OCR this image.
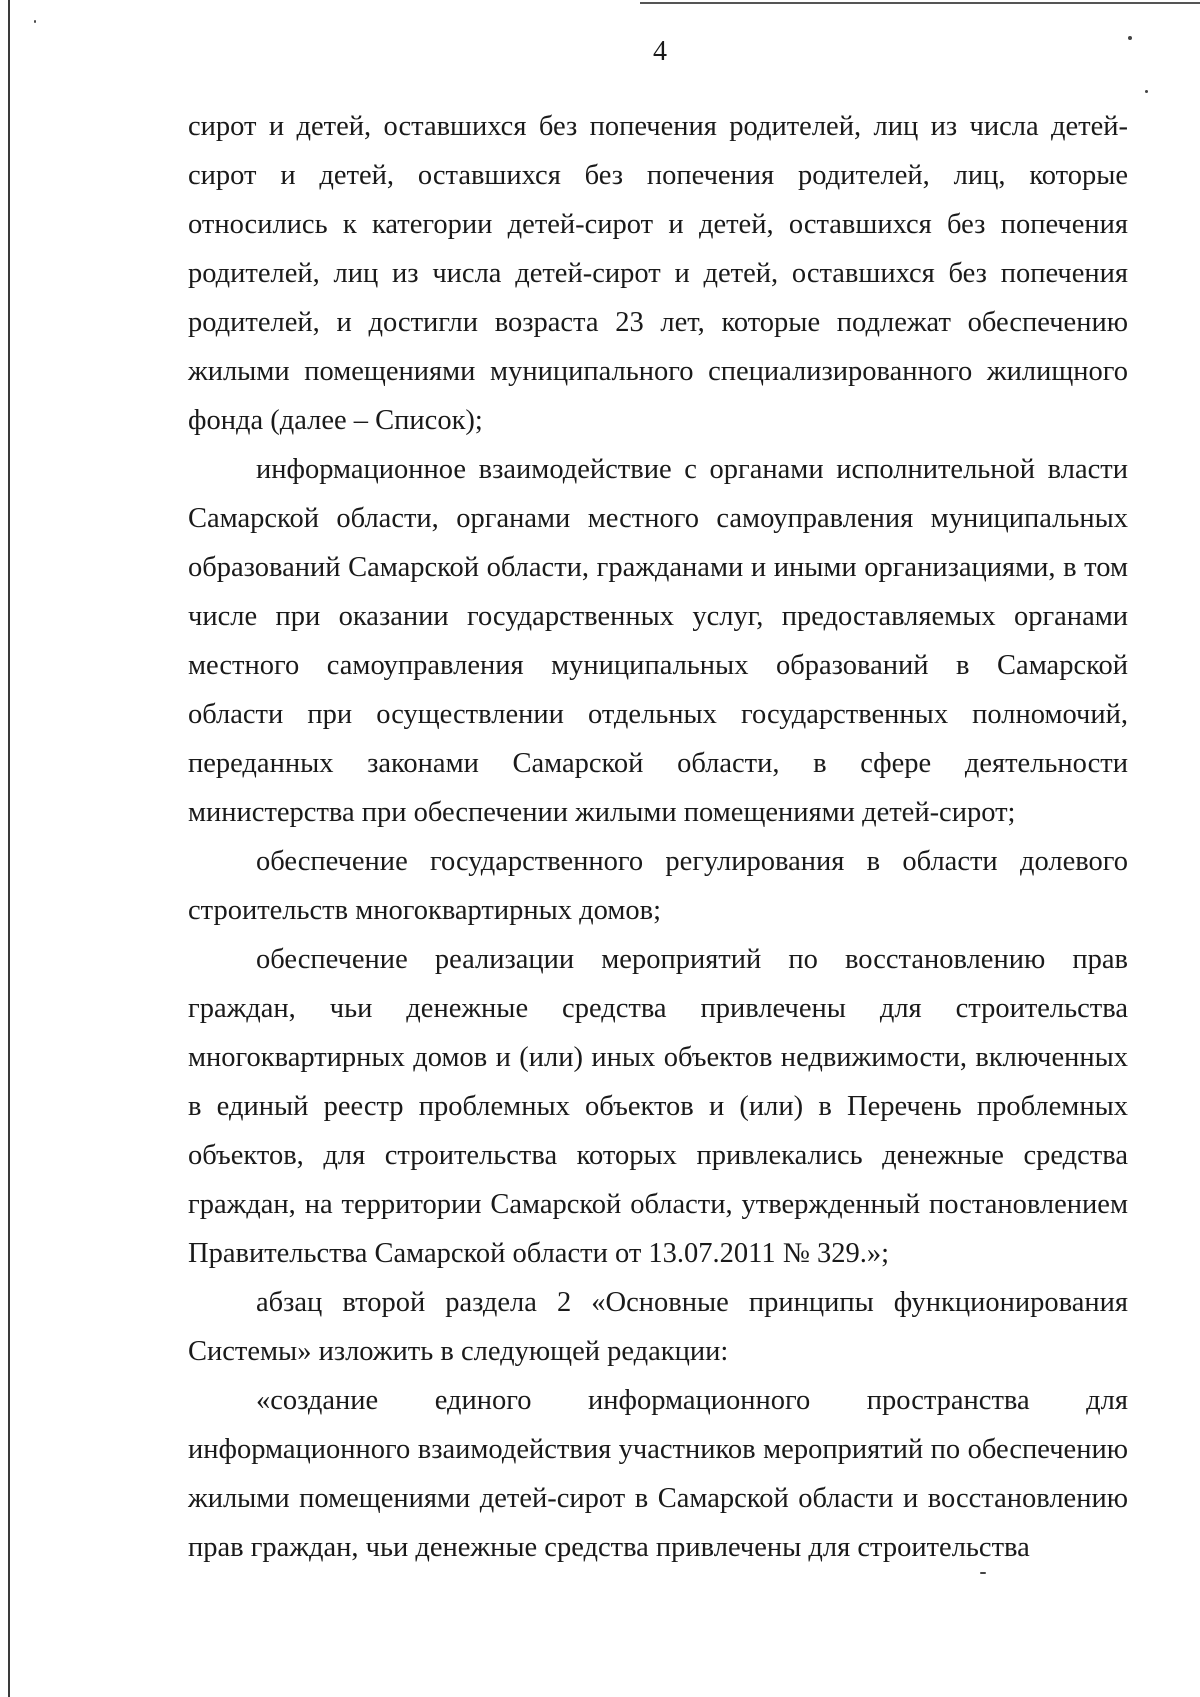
4

сирот и детей, оставшихся без попечения родителей, лиц из числа детей-сирот и детей, оставшихся без попечения родителей, лиц, которые относились к категории детей-сирот и детей, оставшихся без попечения родителей, лиц из числа детей-сирот и детей, оставшихся без попечения родителей, и достигли возраста 23 лет, которые подлежат обеспечению жилыми помещениями муниципального специализированного жилищного фонда (далее – Список);

информационное взаимодействие с органами исполнительной власти Самарской области, органами местного самоуправления муниципальных образований Самарской области, гражданами и иными организациями, в том числе при оказании государственных услуг, предоставляемых органами местного самоуправления муниципальных образований в Самарской области при осуществлении отдельных государственных полномочий, переданных законами Самарской области, в сфере деятельности министерства при обеспечении жилыми помещениями детей-сирот;

обеспечение государственного регулирования в области долевого строительств многоквартирных домов;

обеспечение реализации мероприятий по восстановлению прав граждан, чьи денежные средства привлечены для строительства многоквартирных домов и (или) иных объектов недвижимости, включенных в единый реестр проблемных объектов и (или) в Перечень проблемных объектов, для строительства которых привлекались денежные средства граждан, на территории Самарской области, утвержденный постановлением Правительства Самарской области от 13.07.2011 № 329.»;

абзац второй раздела 2 «Основные принципы функционирования Системы» изложить в следующей редакции:

«создание единого информационного пространства для информационного взаимодействия участников мероприятий по обеспечению жилыми помещениями детей-сирот в Самарской области и восстановлению прав граждан, чьи денежные средства привлечены для строительства
